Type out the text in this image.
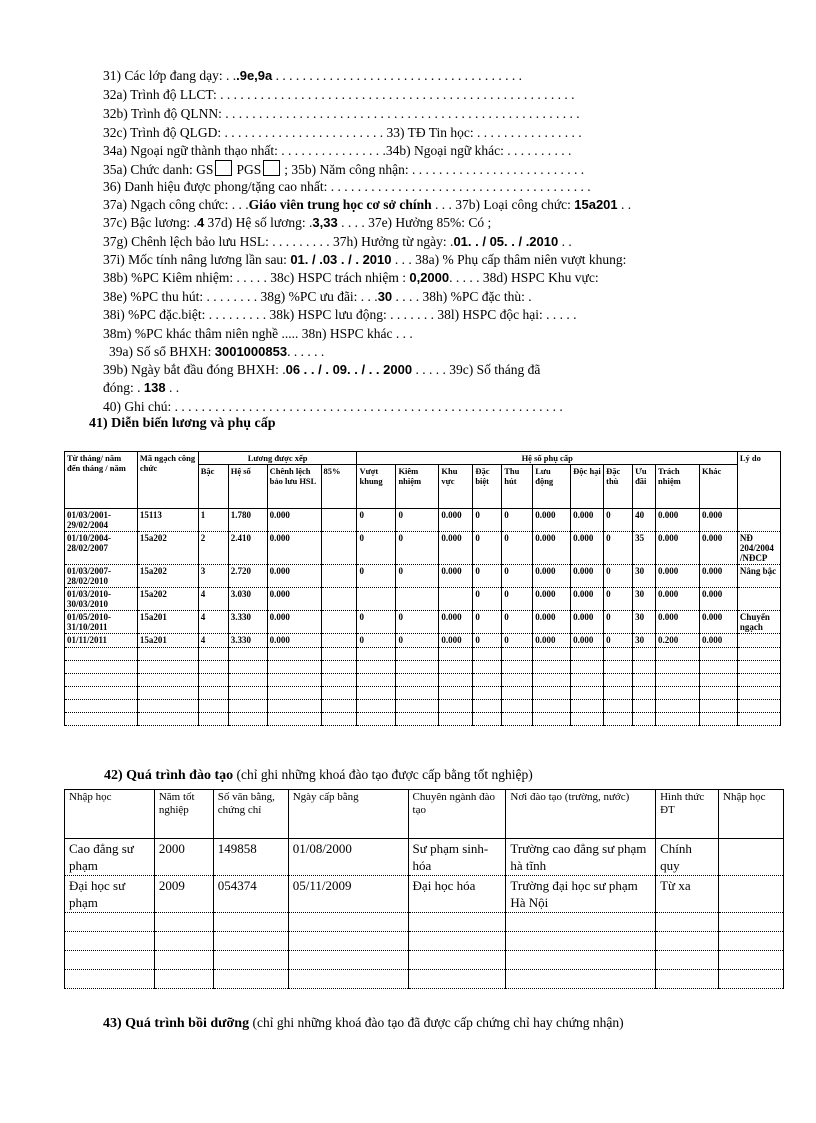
31) Các lớp đang dạy: . ..9e,9a . . . . . . . . . . . . . . . . . . . . . . . . . . . . . . . . . . . . .
32a) Trình độ LLCT: . . . . . . . . . . . . . . . . . . . . . . . . . . . . . . . . . . . . . . . . . . . . . . . . . . . . .
32b) Trình độ QLNN: . . . . . . . . . . . . . . . . . . . . . . . . . . . . . . . . . . . . . . . . . . . . . . . . . . . . .
32c) Trình độ QLGD: . . . . . . . . . . . . . . . . . . . . . . . . 33) TĐ Tin học: . . . . . . . . . . . . . . . .
34a) Ngoại ngữ thành thạo nhất: . . . . . . . . . . . . . . . .34b) Ngoại ngữ khác: . . . . . . . . . .
35a) Chức danh: GS PGS ; 35b) Năm công nhận: . . . . . . . . . . . . . . . . . . . . . . . . . .
36) Danh hiệu được phong/tặng cao nhất: . . . . . . . . . . . . . . . . . . . . . . . . . . . . . . . . . . . . . . .
37a) Ngạch công chức: . . .Giáo viên trung học cơ sở chính . . . 37b) Loại công chức: 15a201 . .
37c) Bậc lương: .4 37d) Hệ số lương: .3,33 . . . . 37e) Hưởng 85%: Có ;
37g) Chênh lệch bảo lưu HSL: . . . . . . . . . 37h) Hưởng từ ngày: .01. . / 05. . / .2010 . .
37i) Mốc tính nâng lương lần sau: 01. / .03 . / . 2010 . . . 38a) % Phụ cấp thâm niên vượt khung:
38b) %PC Kiêm nhiệm: . . . . . 38c) HSPC trách nhiệm : 0,2000. . . . . 38d) HSPC Khu vực:
38e) %PC thu hút: . . . . . . . . 38g) %PC ưu đãi: . . .30 . . . . 38h) %PC đặc thù: .
38i) %PC đặc.biệt: . . . . . . . . . 38k) HSPC lưu động: . . . . . . . 38l) HSPC độc hại: . . . . .
38m) %PC khác thâm niên nghề ..... 38n) HSPC khác . . .
39a) Số sổ BHXH: 3001000853. . . . . .
39b) Ngày bắt đầu đóng BHXH: .06 . . / . 09. . / . . 2000 . . . . . 39c) Số tháng đã
đóng: . 138 . .
40) Ghi chú: . . . . . . . . . . . . . . . . . . . . . . . . . . . . . . . . . . . . . . . . . . . . . . . . . . . . . . . . . .
41) Diễn biến lương và phụ cấp
Từ tháng/ năm đến tháng / năm	Mã ngạch công chức	Lương được xếp				Hệ số phụ cấp											Lý do
		Bậc	Hệ số	Chênh lệch bảo lưu HSL	85%	Vượt khung	Kiêm nhiệm	Khu vực	Đặc biệt	Thu hút	Lưu động	Độc hại	Đặc thù	Ưu đãi	Trách nhiệm	Khác	
01/03/2001-29/02/2004	15113	1	1.780	0.000		0	0	0.000	0	0	0.000	0.000	0	40	0.000	0.000	
01/10/2004-28/02/2007	15a202	2	2.410	0.000		0	0	0.000	0	0	0.000	0.000	0	35	0.000	0.000	NĐ 204/2004 /NĐCP
01/03/2007-28/02/2010	15a202	3	2.720	0.000		0	0	0.000	0	0	0.000	0.000	0	30	0.000	0.000	Nâng bậc
01/03/2010-30/03/2010	15a202	4	3.030	0.000					0	0	0.000	0.000	0	30	0.000	0.000	
01/05/2010-31/10/2011	15a201	4	3.330	0.000		0	0	0.000	0	0	0.000	0.000	0	30	0.000	0.000	Chuyển ngạch
01/11/2011	15a201	4	3.330	0.000		0	0	0.000	0	0	0.000	0.000	0	30	0.200	0.000	

42) Quá trình đào tạo (chỉ ghi những khoá đào tạo được cấp bằng tốt nghiệp)
Nhập học	Năm tốt nghiệp	Số văn bằng, chứng chỉ	Ngày cấp bằng	Chuyên ngành đào tạo	Nơi đào tạo (trường, nước)	Hình thức ĐT	Nhập học
Cao đẳng sư phạm	2000	149858	01/08/2000	Sư phạm sinh-hóa	Trường cao đẳng sư phạm hà tĩnh	Chính quy	
Đại học sư phạm	2009	054374	05/11/2009	Đại học hóa	Trường đại học sư phạm Hà Nội	Từ xa	

43) Quá trình bồi dưỡng (chỉ ghi những khoá đào tạo đã được cấp chứng chỉ hay chứng nhận)
